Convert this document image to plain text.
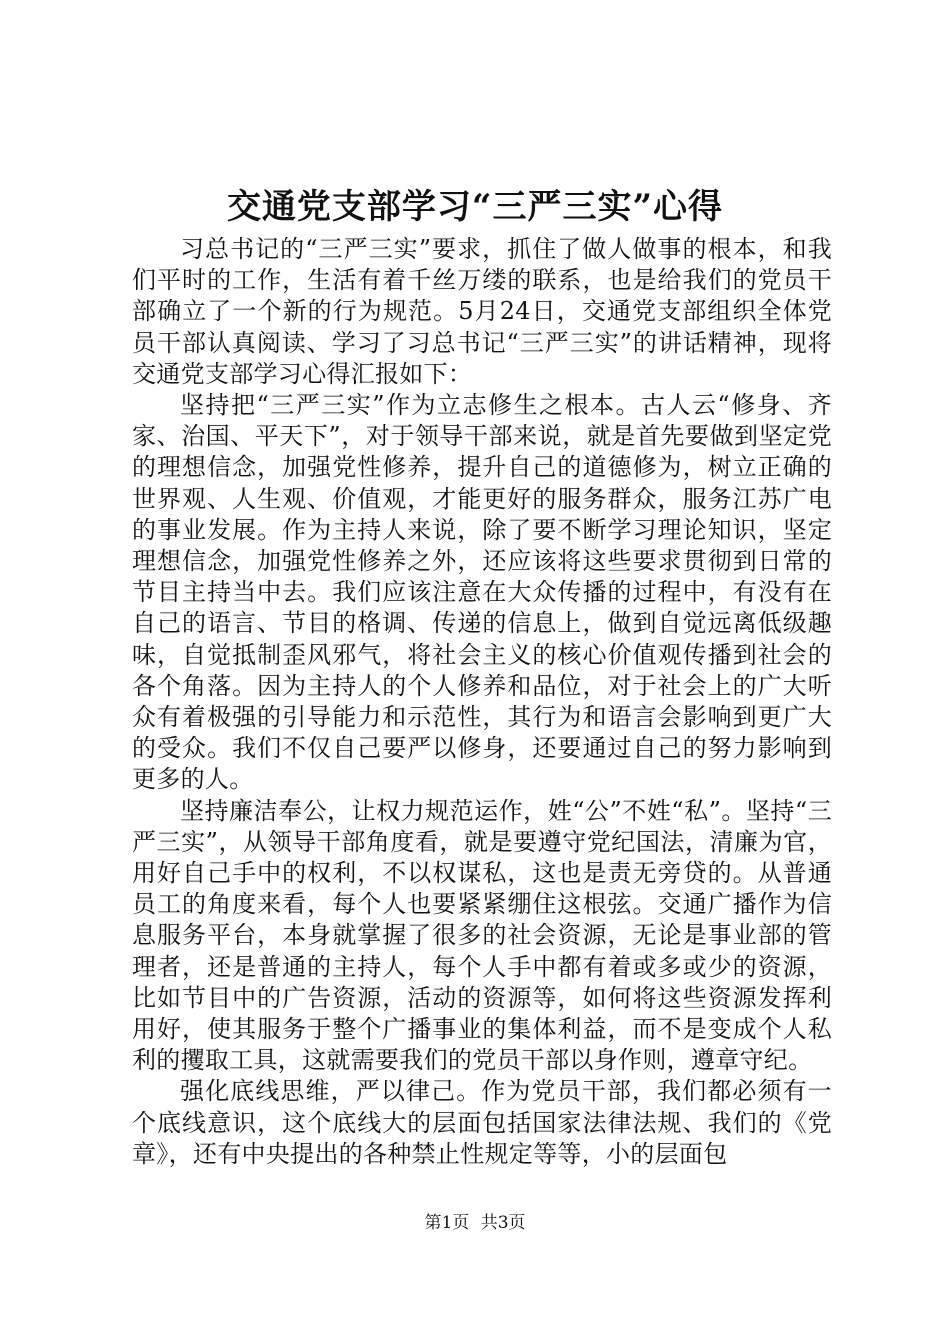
交通党支部学习“三严三实”心得

习总书记的“三严三实”要求，抓住了做人做事的根本，和我们平时的工作，生活有着千丝万缕的联系，也是给我们的党员干部确立了一个新的行为规范。5月24日，交通党支部组织全体党员干部认真阅读、学习了习总书记“三严三实”的讲话精神，现将交通党支部学习心得汇报如下：

坚持把“三严三实”作为立志修生之根本。古人云“修身、齐家、治国、平天下”，对于领导干部来说，就是首先要做到坚定党的理想信念，加强党性修养，提升自己的道德修为，树立正确的世界观、人生观、价值观，才能更好的服务群众，服务江苏广电的事业发展。作为主持人来说，除了要不断学习理论知识，坚定理想信念，加强党性修养之外，还应该将这些要求贯彻到日常的节目主持当中去。我们应该注意在大众传播的过程中，有没有在自己的语言、节目的格调、传递的信息上，做到自觉远离低级趣味，自觉抵制歪风邪气，将社会主义的核心价值观传播到社会的各个角落。因为主持人的个人修养和品位，对于社会上的广大听众有着极强的引导能力和示范性，其行为和语言会影响到更广大的受众。我们不仅自己要严以修身，还要通过自己的努力影响到更多的人。

坚持廉洁奉公，让权力规范运作，姓“公”不姓“私”。坚持“三严三实”，从领导干部角度看，就是要遵守党纪国法，清廉为官，用好自己手中的权利，不以权谋私，这也是责无旁贷的。从普通员工的角度来看，每个人也要紧紧绷住这根弦。交通广播作为信息服务平台，本身就掌握了很多的社会资源，无论是事业部的管理者，还是普通的主持人，每个人手中都有着或多或少的资源，比如节目中的广告资源，活动的资源等，如何将这些资源发挥利用好，使其服务于整个广播事业的集体利益，而不是变成个人私利的攫取工具，这就需要我们的党员干部以身作则，遵章守纪。

强化底线思维，严以律己。作为党员干部，我们都必须有一个底线意识，这个底线大的层面包括国家法律法规、我们的《党章》，还有中央提出的各种禁止性规定等等，小的层面包

第1页 共3页
